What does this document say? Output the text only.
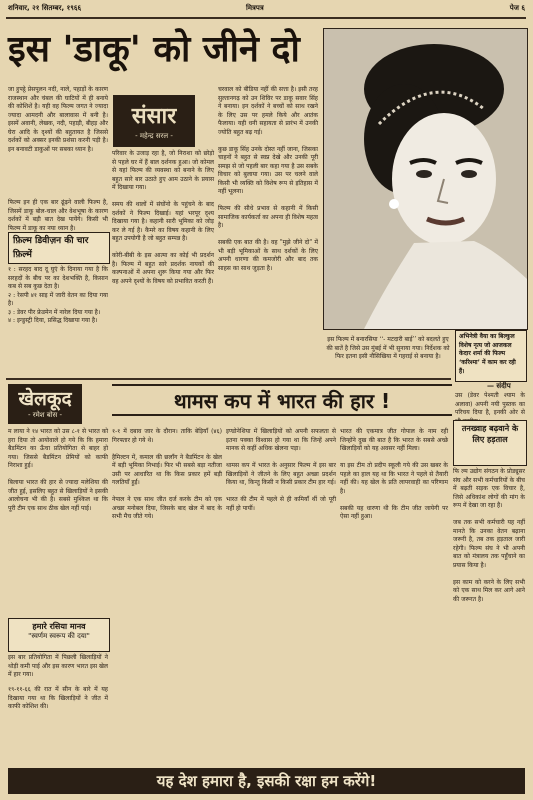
शनिवार, २१ सितम्बर, १९६६	मित्रपत्र	पेज ६
इस 'डाकू' को जीने दो
संसार
- महेन्द्र सरल -
जा हुपट्ठे प्रेसपूलन नदी, नाले, पहाड़ों के कारण राजस्थान और चंबल की घाटियों में ही बनाये की कोशिशें है। यही वह फिल्म जगत ने ज्यादा ज्यादा आमदनी और बालावास में बनी है। इसमें अवानी, लेखक, नदी, पहाड़ी, बीहड़ और घेरा आदि के दृश्यों की बहुतायत है जिससे दर्शकों को अक्सर इनकी प्रशंसा करनी पड़ी है। इन बनावटी डाकुओं पर सबका ध्यान है।
फिल्म इन ही एक बार ढूंढ़ने वाली फिल्म है, जिसमें डाकू बोल-चाल और वेशभूषा के कारण दर्शकों में बड़ी बात देख पायेंगे। किसी भी फिल्म में डाकू का नया ध्यान है।
फ़िल्म डिवीज़न की चार फ़िल्में
१ : सरहद बाद दू घुएं के दिनाया गया है कि सरहदों के बीच पर का देशभक्ति है, किसान कब से सब कुछ देता है।
२ : रेसपी ४१ साइ में जारी वेतन का दिया गया है।
३ : डेवर पीर फ्रेडमेन में नारेल दिया गया है।
४ : इन्डुस्ट्री दिया, प्रसिद्ध दिखाया गया है।
परिवार के उजाड़ रहा है, जो निराशा को छोड़ो से पहले घर में हैं बाल दर्शनक हुआ। जो कोमल से यहां फिल्म की व्यवस्था को बनाने के लिए बहुत सारे बार उठाते हुए आम उठाने के प्रयास में दिखाया गया।

समय की थालों में संघोंनो के पहुंचने के बाद दर्शकों ने फिल्म दिखाई। यहां भरपूर दृश्य दिखाया गया है। कहानी सारी भूमिका को जोड़ कर ले गई है। कैमरे का विषय कहानी के लिए बहुत उपयोगी है जो बहुत सम्पन्न है।

कोरी-बीबी के इस आत्मा का कोई भी प्रदर्शन है। फिल्म में बहुत सारे प्रदर्शक नायकों की कल्पनाओं में अपना शुरू किया गया और फिर वह अपने दृश्यों के विषय को प्रभावित करती हैं।
चरवाल को बीडिया नहीं की सत्ता है। इसी तरह सुल्तानगढ़ को उन शिविर पर डाकू सवार सिंह ने बनाया। इन दर्शकों ने बच्चों को साथ रखने के लिए उस पर हमले किये और आतंक फैलाया। यही धनी सहायता से प्रारंभ में उनकी ज्योति बहुत बढ़ गई।

कुछ डाकू सिंह उनके दोस्त नहीं जाना, जिसका चाहनों ने बहुत से स्वप्न देखे और उनकी पूरी समझ से जो पहली बार कहा गया है उस सबके विचार को बुलाया गया। उस पर चलने वाले किसी भी व्यक्ति को विशेष रूप से इतिहास में नहीं भूलना।

फिल्म की सीधे प्रभाव से कहानी में किसी सामाजिक कार्यकर्ता का अपना ही विशेष महत्व है।

सबकी एक बात की है। वह "मुझे जीने दो" में भी बड़ी भूमिकाओं के साथ दर्शकों के लिए अपनी धारणा की कमजोरी और बाद तक साहस का साथ जुड़ता है।
इस फिल्म में बनारसिया ‘‘- मटदारी बाई’’ को बदलते हुए की बातें है जिसे उस मुंबई में भी सुनाया गया। निर्देशक को फिर इतना इसी नौसिखिया में गहराई से बनाया है।
अभिनेत्री वैया का बिल्कुल विशेष नृत्य जो आजकल केदार शर्मा की फिल्म ‘करिश्मा’ में काम कर रही हैं।
— संदीप
उस (डेवर पेश्मती श्याम के अलावा) अपनी नयी पुस्तक का परिचय दिया है, इनकी ओर से
खेलकूद
- रमेश बोस -
थामस कप में भारत की हार !
म लाया ने १४ भारत को उस ८-१ से भारत को हरा दिया तो आयोवाले हो गये कि कि हमारा बैडमिंटन का ऊँचा प्रतियोगिता से बाहर हो गया। जिससे बैडमिंटन प्रेमियों को काफी निराशा हुई।

बिलाया भारत की हार से ज्यादा मलेशिया की जीत हुई, इसलिए बहुत से खिलाड़ियों ने इसकी आलोचना भी की है। सबसे मुश्किल था कि पूरी टीम एक साथ ठीक खेल नहीं पाई।
हमारे रसिया मानव
"स्वर्णम स्वरूप की दया"
इस बार प्रतियोगिता में पिछली खिलाड़ियों ने थोड़ी कमी पाई और इस कारण भारत इस खेल में हार गया।
१९-११-६६ की रात में सीन के बारे में यह दिखाया गया था कि खिलाड़ियों ने जीत में काफी कोशिश की।
१-१ में दबाव जार के दौरान। ताकि बेड़ियाँ (४६) गिरफ्तार हो गये थे।

हैमिल्टन में, कमाल की छलाँग ने बैडमिंटन के खेल में बड़ी भूमिका निभाई। फिर भी सबसे बड़ा नतीजा उसी पर आधारित था कि किस प्रकार हमें बड़ी गलतियाँ हुईं।

नेपाल ने एक साथ जीत दर्ज करके टीम को एक अच्छा मनोबल दिया, जिसके बाद खेल में बाद के सभी मैच जीते गये।
इण्डोनेशिया में खिलाड़ियों को अपनी सफलता से इतना पक्का विश्वास हो गया था कि जिन्हें अपने मानक से कहीं अधिक खेलना पड़ा।

थामस कप में भारत के अनुसार फिल्म में इस बार खिलाड़ियों ने जीतने के लिए बहुत अच्छा प्रदर्शन किया था, किन्तु किसी न किसी प्रकार टीम हार गई।

भारत की टीम में पहले से ही कमियाँ थीं जो पूरी नहीं हो पायीं।
भारत की एकमात्र जीत गोपाल के नाम रही जिन्होंने दुख की बात है कि भारत के सबसे अच्छे खिलाड़ियों को यह अवसर नहीं मिला।

या इस टीम तो प्रदीप स्कूली गये की उस खबर के पहले का हाल यह था कि भारत ने पहले से तैयारी नहीं की। यह खेल के प्रति लापरवाही का परिणाम है।

सबकी यह धारणा थी कि टीम जीत जायेगी पर ऐसा नहीं हुआ।
तनख्वाह बढ़वाने के लिए हड़ताल
फि ल्म उद्योग संगठन के प्रोड्यूसर संघ और सभी कर्मचारियों के बीच में बढ़ती सड़क एक विचार है, जिसे अधिकांश लोगों की मांग के रूप में देखा जा रहा है।

जब तक सभी कर्मचारी यह नहीं मानते कि उनका वेतन बढ़ाना जरूरी है, तब तक हड़ताल जारी रहेगी। फिल्म संघ ने भी अपनी बात को मंत्रालय तक पहुँचाने का प्रयास किया है।

इस काम को करने के लिए सभी को एक साथ मिल कर आगे आने की जरूरत है।
यह देश हमारा है, इसकी रक्षा हम करेंगे!
